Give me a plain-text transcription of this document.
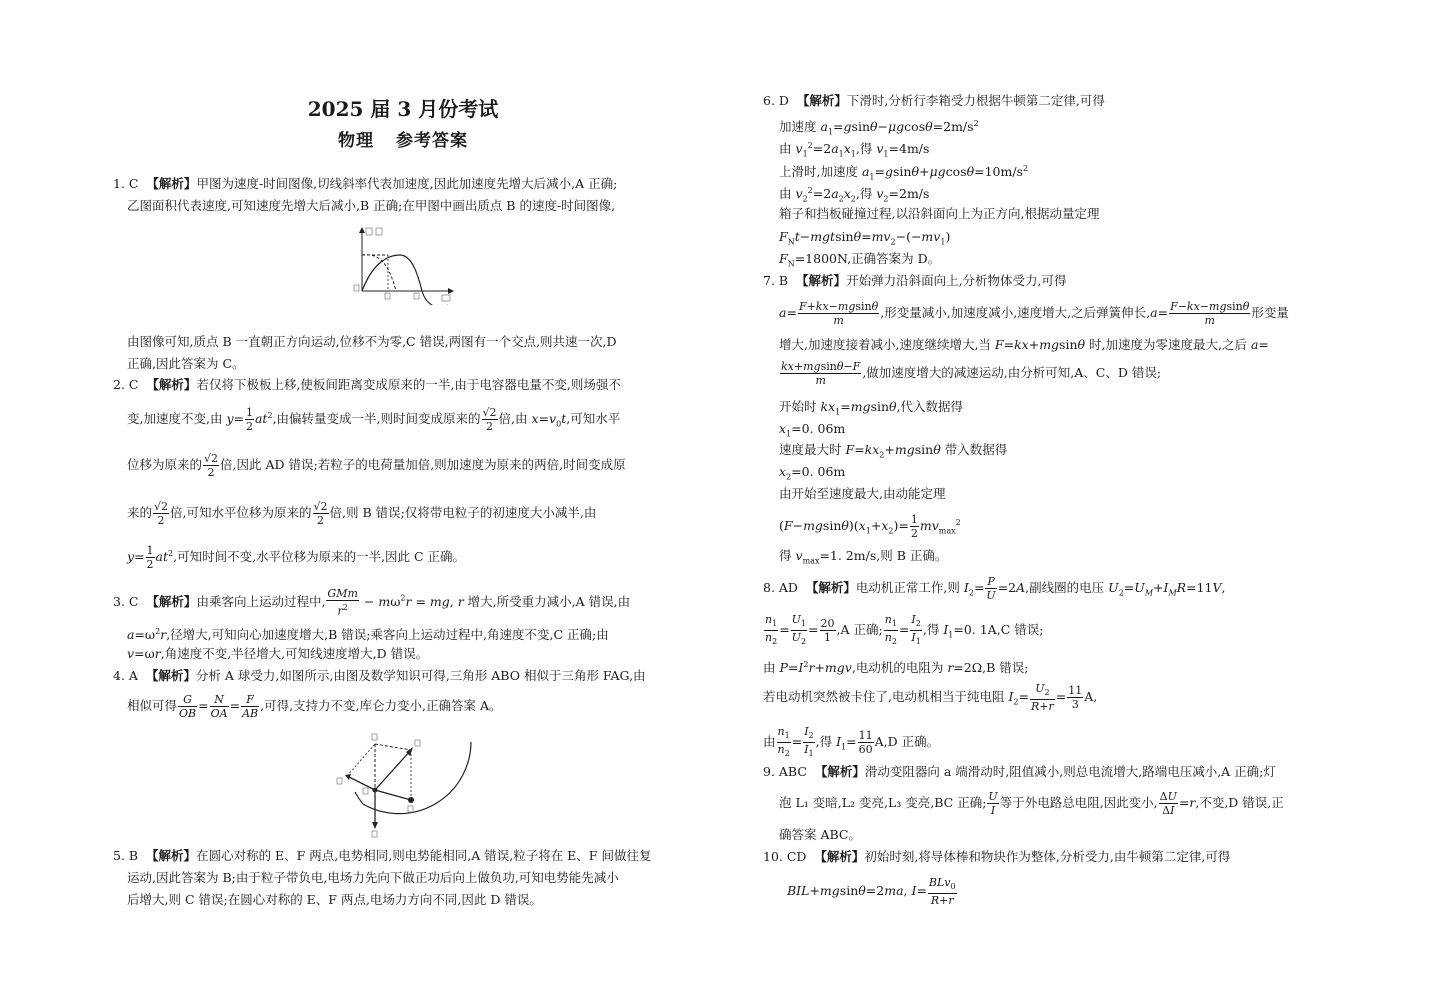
2025 届 3 月份考试
物理 参考答案
1. C 【解析】甲图为速度-时间图像,切线斜率代表加速度,因此加速度先增大后减小,A 正确;
乙图面积代表速度,可知速度先增大后减小,B 正确;在甲图中画出质点 B 的速度-时间图像,
由图像可知,质点 B 一直朝正方向运动,位移不为零,C 错误,两图有一个交点,则共速一次,D
正确,因此答案为 C。
2. C 【解析】若仅将下极板上移,使板间距离变成原来的一半,由于电容器电量不变,则场强不
变,加速度不变,由 $y= \frac{1}{2} at^2$,由偏转量变成一半,则时间变成原来的 $\frac{√2}{2}$ 倍,由 $x=v_0t$,可知水平
位移为原来的 $\frac{√2}{2}$ 倍,因此 AD 错误;若粒子的电荷量加倍,则加速度为原来的两倍,时间变成原
来的 $\frac{√2}{2}$ 倍,可知水平位移为原来的 $\frac{√2}{2}$ 倍,则 B 错误;仅将带电粒子的初速度大小减半,由
$y= \frac{1}{2} at^2$,可知时间不变,水平位移为原来的一半,因此 C 正确。
3. C 【解析】由乘客向上运动过程中, $\frac{\text{GMm}}{r^2} - m\omega^2r$ = mg, r 增大,所受重力减小,A 错误,由
$a=\omega^2r$,径增大,可知向心加速度增大,B 错误;乘客向上运动过程中,角速度不变,C 正确;由
v=ωr,角速度不变,半径增大,可知线速度增大,D 错误。
4. A 【解析】分析 A 球受力,如图所示,由图及数学知识可得,三角形 ABO 相似于三角形 FAG,由
相似可得 $\frac{G}{OB} = \frac{N}{OA} = \frac{F}{AB}$ ,可得,支持力不变,库仑力变小,正确答案 A。
5. B 【解析】在圆心对称的 E、F 两点,电势相同,则电势能相同,A 错误,粒子将在 E、F 间做往复
运动,因此答案为 B;由于粒子带负电,电场力先向下做正功后向上做负功,可知电势能先减小
后增大,则 C 错误;在圆心对称的 E、F 两点,电场力方向不同,因此 D 错误。
6. D 【解析】下滑时,分析行李箱受力根据牛顿第二定律,可得
加速度 $a_1=gsin\theta-\mu gcos\theta=2m/s^2$
由 $v_1^2=2a_1x_1$,得 $v_1=4m/s$
上滑时,加速度 $a_1=gsin\theta+\mu gcos\theta=10m/s^2$
由 $v_2^2=2a_2x_2$,得 $v_2=2m/s$
箱子和挡板碰撞过程,以沿斜面向上为正方向,根据动量定理
$F_Nt-mgtsin\theta=mv_2-(-mv_1)$
$F_N=1800N$,正确答案为 D。
7. B 【解析】开始弹力沿斜面向上,分析物体受力,可得
$a= \frac{F+kx-mgsin\theta}{m}$ ,形变量减小,加速度减小,速度增大,之后弹簧伸长$,a= \frac{F-kx-mgsin\theta}{m}$ 形变量
增大,加速度接着减小,速度继续增大,当 F=kx+mgsinθ 时,加速度为零速度最大,之后 a=
$\frac{kx+mgsin\theta-F}{m}$ ,做加速度增大的减速运动,由分析可知,A、C、D 错误;
开始时 $kx_1=mgsin\theta$,代入数据得
$x_1=0$. 06m
速度最大时 $F=kx_2+mgsin\theta$ 带入数据得
$x_2=0$. 06m
由开始至速度最大,由动能定理
$(F-mgsin\theta)(x_1+x_2)= \frac{1}{2} mv_{max}^2$
得 $v_{max}=1$. 2m/s,则 B 正确。
8. AD 【解析】电动机正常工作,则 $I_2= \frac{P}{U} =2A$,副线圈的电压 $U_2=U_M+I_MR=11V$,
$\frac{n_1}{n_2} = \frac{U_1}{U_2} = \frac{20}{1} ,A$ 正确; $\frac{n_1}{n_2} = \frac{I_2}{I_1}$ ,得 $I_1=0$. 1A,C 错误;
由 $P=I^2r+mgv$,电动机的电阻为 r=2Ω,B 错误;
若电动机突然被卡住了,电动机相当于纯电阻 $I_2= \frac{U_2}{R+r} = \frac{11}{3} A$,
由 $\frac{n_1}{n_2} = \frac{I_2}{I_1}$ ,得 $I_1= \frac{11}{60} A,D$ 正确。
9. ABC 【解析】滑动变阻器向 a 端滑动时,阻值减小,则总电流增大,路端电压减小,A 正确;灯
泡 L₁ 变暗,L₂ 变亮,L₃ 变亮,BC 正确; $\frac{U}{I}$ 等于外电路总电阻,因此变小, $\frac{\Delta U}{\Delta I} =r$,不变,D 错误,正
确答案 ABC。
10. CD 【解析】初始时刻,将导体棒和物块作为整体,分析受力,由牛顿第二定律,可得
BIL+mgsinθ=2ma, $I= \frac{BLv_0}{R+r}$
